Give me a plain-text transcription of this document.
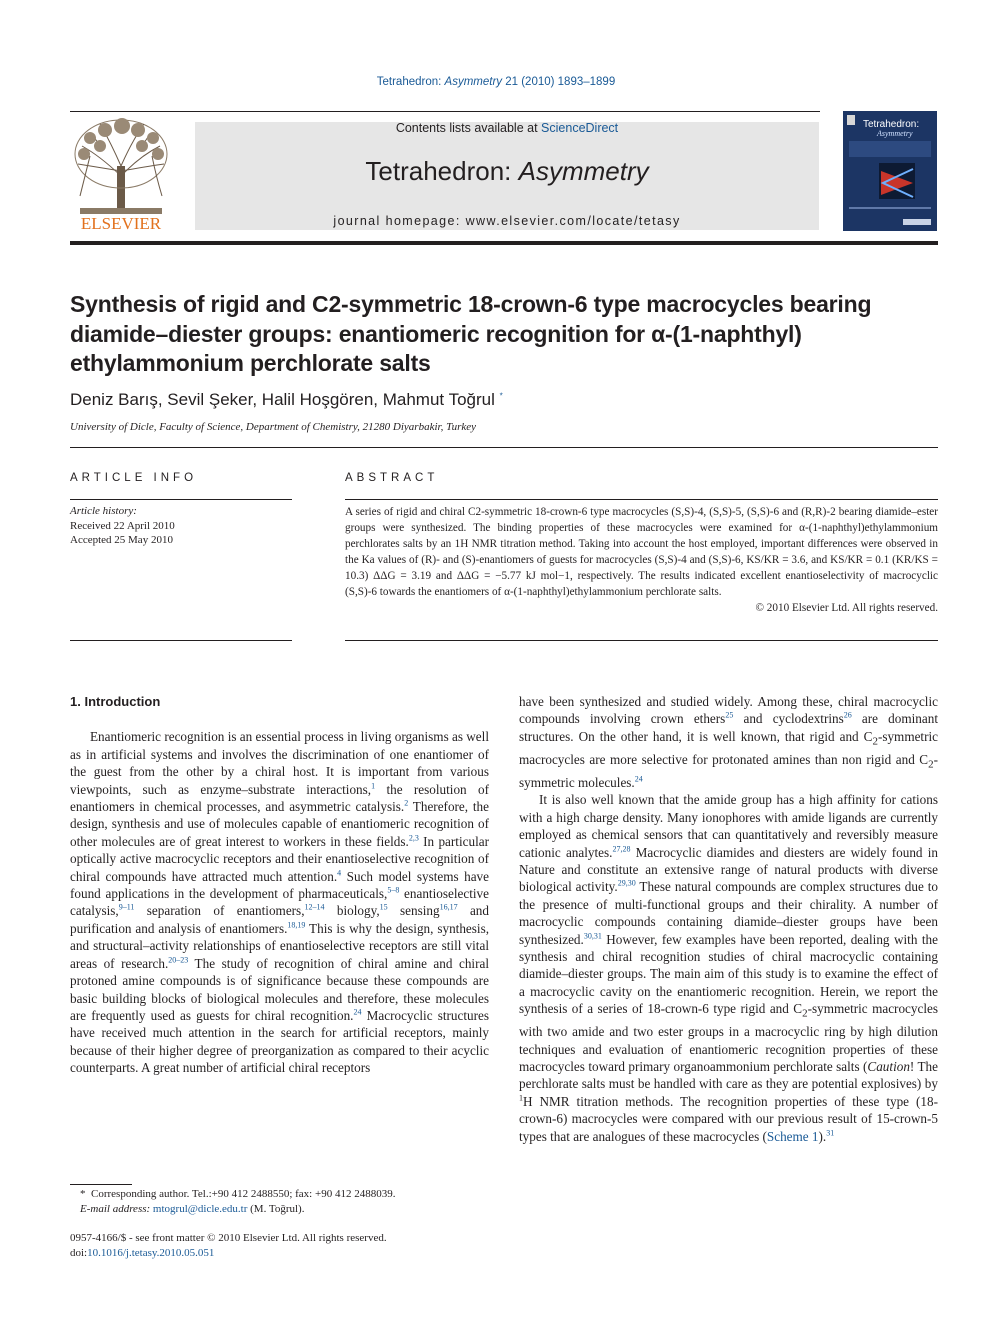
Tetrahedron: Asymmetry 21 (2010) 1893–1899
ELSEVIER
Contents lists available at ScienceDirect
Tetrahedron: Asymmetry
journal homepage: www.elsevier.com/locate/tetasy
Tetrahedron:
Asymmetry
Synthesis of rigid and C2-symmetric 18-crown-6 type macrocycles bearing diamide–diester groups: enantiomeric recognition for α-(1-naphthyl) ethylammonium perchlorate salts
Deniz Barış, Sevil Şeker, Halil Hoşgören, Mahmut Toğrul *
University of Dicle, Faculty of Science, Department of Chemistry, 21280 Diyarbakir, Turkey
ARTICLE INFO
Article history:
Received 22 April 2010
Accepted 25 May 2010
ABSTRACT
A series of rigid and chiral C2-symmetric 18-crown-6 type macrocycles (S,S)-4, (S,S)-5, (S,S)-6 and (R,R)-2 bearing diamide–ester groups were synthesized. The binding properties of these macrocycles were examined for α-(1-naphthyl)ethylammonium perchlorates salts by an 1H NMR titration method. Taking into account the host employed, important differences were observed in the Ka values of (R)- and (S)-enantiomers of guests for macrocycles (S,S)-4 and (S,S)-6, KS/KR = 3.6, and KS/KR = 0.1 (KR/KS = 10.3) ΔΔG = 3.19 and ΔΔG = −5.77 kJ mol−1, respectively. The results indicated excellent enantioselectivity of macrocyclic (S,S)-6 towards the enantiomers of α-(1-naphthyl)ethylammonium perchlorate salts.
© 2010 Elsevier Ltd. All rights reserved.
1. Introduction

Enantiomeric recognition is an essential process in living organisms as well as in artificial systems and involves the discrimination of one enantiomer of the guest from the other by a chiral host. It is important from various viewpoints, such as enzyme–substrate interactions,$^1$ the resolution of enantiomers in chemical processes, and asymmetric catalysis.$^2$ Therefore, the design, synthesis and use of molecules capable of enantiomeric recognition of other molecules are of great interest to workers in these fields.$^{2,3}$ In particular optically active macrocyclic receptors and their enantioselective recognition of chiral compounds have attracted much attention.$^4$ Such model systems have found applications in the development of pharmaceuticals,$^{5-8}$ enantioselective catalysis,$^{9-11}$ separation of enantiomers,$^{12-14}$ biology,$^{15}$ sensing$^{16,17}$ and purification and analysis of enantiomers.$^{18,19}$ This is why the design, synthesis, and structural–activity relationships of enantioselective receptors are still vital areas of research.$^{20-23}$ The study of recognition of chiral amine and chiral protoned amine compounds is of significance because these compounds are basic building blocks of biological molecules and therefore, these molecules are frequently used as guests for chiral recognition.$^{24}$ Macrocyclic structures have received much attention in the search for artificial receptors, mainly because of their higher degree of preorganization as compared to their acyclic counterparts. A great number of artificial chiral receptors

have been synthesized and studied widely. Among these, chiral macrocyclic compounds involving crown ethers$^{25}$ and cyclodextrins$^{26}$ are dominant structures. On the other hand, it is well known, that rigid and $C_2$-symmetric macrocycles are more selective for protonated amines than non rigid and $C_2$-symmetric molecules.$^{24}$

It is also well known that the amide group has a high affinity for cations with a high charge density. Many ionophores with amide ligands are currently employed as chemical sensors that can quantitatively and reversibly measure cationic analytes.$^{27,28}$ Macrocyclic diamides and diesters are widely found in Nature and constitute an extensive range of natural products with diverse biological activity.$^{29,30}$ These natural compounds are complex structures due to the presence of multi-functional groups and their chirality. A number of macrocyclic compounds containing diamide–diester groups have been synthesized.$^{30,31}$ However, few examples have been reported, dealing with the synthesis and chiral recognition studies of chiral macrocyclic containing diamide–diester groups. The main aim of this study is to examine the effect of a macrocyclic cavity on the enantiomeric recognition. Herein, we report the synthesis of a series of 18-crown-6 type rigid and $C_2$-symmetric macrocycles with two amide and two ester groups in a macrocyclic ring by high dilution techniques and evaluation of enantiomeric recognition properties of these macrocycles toward primary organoammonium perchlorate salts (Caution! The perchlorate salts must be handled with care as they are potential explosives) by $^1$H NMR titration methods. The recognition properties of these type (18-crown-6) macrocycles were compared with our previous result of 15-crown-5 types that are analogues of these macrocycles (Scheme 1).$^{31}$

* Corresponding author. Tel.:+90 412 2488550; fax: +90 412 2488039.
E-mail address: mtogrul@dicle.edu.tr (M. Toğrul).
0957-4166/$ - see front matter © 2010 Elsevier Ltd. All rights reserved.
doi:10.1016/j.tetasy.2010.05.051
